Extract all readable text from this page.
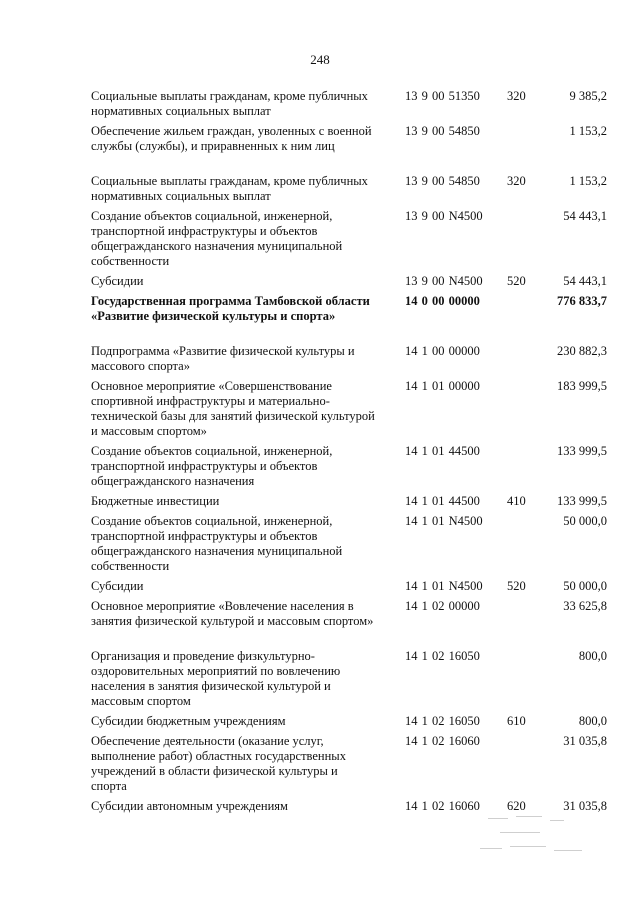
248
Социальные выплаты гражданам, кроме публичных нормативных социальных выплат
13 9 00 51350 320	9 385,2
Обеспечение жильем граждан, уволенных с военной службы (службы), и приравненных к ним лиц
13 9 00 54850	1 153,2
Социальные выплаты гражданам, кроме публичных нормативных социальных выплат
13 9 00 54850 320	1 153,2
Создание объектов социальной, инженерной, транспортной инфраструктуры и объектов общегражданского назначения муниципальной собственности
13 9 00 N4500	54 443,1
Субсидии	13 9 00 N4500 520	54 443,1
Государственная программа Тамбовской области «Развитие физической культуры и спорта»
14 0 00 00000	776 833,7
Подпрограмма «Развитие физической культуры и массового спорта»
14 1 00 00000	230 882,3
Основное мероприятие «Совершенствование спортивной инфраструктуры и материально-технической базы для занятий физической культурой и массовым спортом»
14 1 01 00000	183 999,5
Создание объектов социальной, инженерной, транспортной инфраструктуры и объектов общегражданского назначения
14 1 01 44500	133 999,5
Бюджетные инвестиции	14 1 01 44500 410	133 999,5
Создание объектов социальной, инженерной, транспортной инфраструктуры и объектов общегражданского назначения муниципальной собственности
14 1 01 N4500	50 000,0
Субсидии	14 1 01 N4500 520	50 000,0
Основное мероприятие «Вовлечение населения в занятия физической культурой и массовым спортом»
14 1 02 00000	33 625,8
Организация и проведение физкультурно-оздоровительных мероприятий по вовлечению населения в занятия физической культурой и массовым спортом
14 1 02 16050	800,0
Субсидии бюджетным учреждениям	14 1 02 16050 610	800,0
Обеспечение деятельности (оказание услуг, выполнение работ) областных государственных учреждений в области физической культуры и спорта
14 1 02 16060	31 035,8
Субсидии автономным учреждениям	14 1 02 16060 620	31 035,8
